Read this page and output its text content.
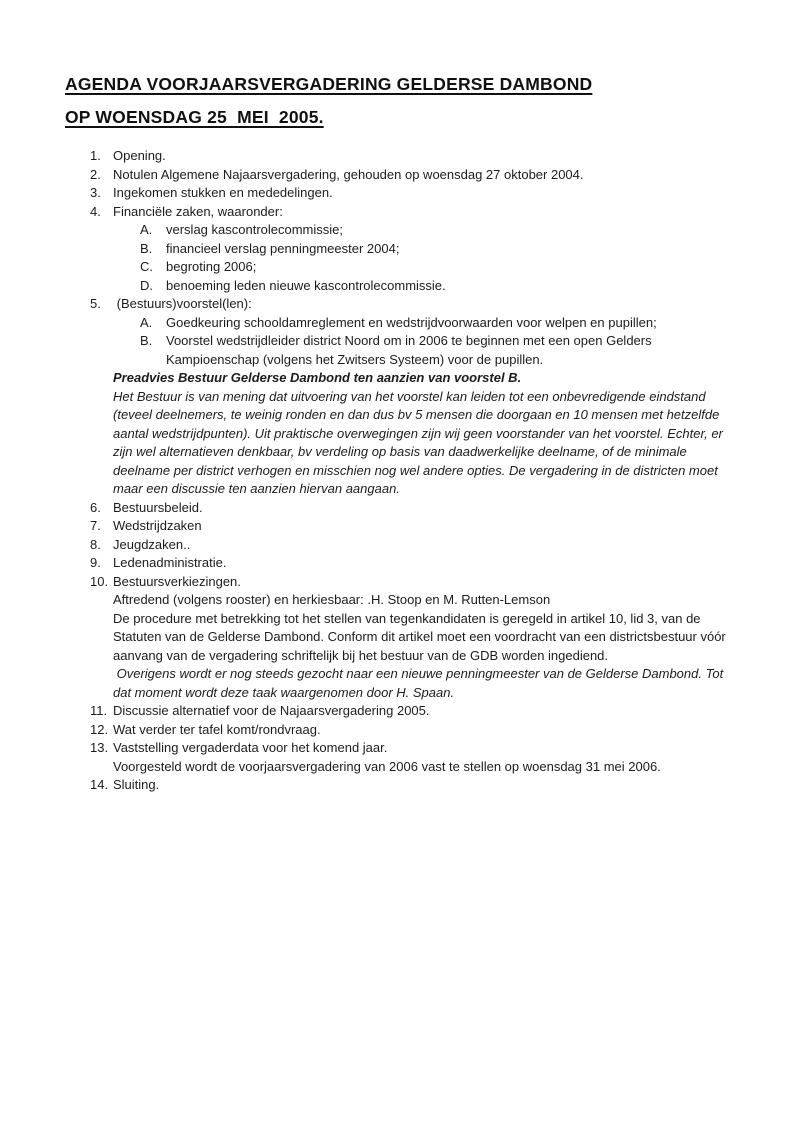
AGENDA VOORJAARSVERGADERING GELDERSE DAMBOND
OP WOENSDAG 25  MEI  2005.
1. Opening.
2. Notulen Algemene Najaarsvergadering, gehouden op woensdag 27 oktober 2004.
3. Ingekomen stukken en mededelingen.
4. Financiële zaken, waaronder:
A.	verslag kascontrolecommissie;
B.	financieel verslag penningmeester 2004;
C.	begroting 2006;
D.	benoeming leden nieuwe kascontrolecommissie.
5. (Bestuurs)voorstel(len):
A.	Goedkeuring schooldamreglement en wedstrijdvoorwaarden voor welpen en pupillen;
B.	Voorstel wedstrijdleider district Noord om in 2006 te beginnen met een open Gelders Kampioenschap (volgens het Zwitsers Systeem) voor de pupillen.

Preadvies Bestuur Gelderse Dambond ten aanzien van voorstel B.

Het Bestuur is van mening dat uitvoering van het voorstel kan leiden tot een onbevredigende eindstand (teveel deelnemers, te weinig ronden en dan dus bv 5 mensen die doorgaan en 10 mensen met hetzelfde aantal wedstrijdpunten). Uit praktische overwegingen zijn wij geen voorstander van het voorstel. Echter, er zijn wel alternatieven denkbaar, bv verdeling op basis van daadwerkelijke deelname, of de minimale deelname per district verhogen en misschien nog wel andere opties. De vergadering in de districten moet maar een discussie ten aanzien hiervan aangaan.

6. Bestuursbeleid.
7. Wedstrijdzaken
8. Jeugdzaken..
9. Ledenadministratie.
10. Bestuursverkiezingen.

Aftredend (volgens rooster) en herkiesbaar: .H. Stoop en M. Rutten-Lemson

De procedure met betrekking tot het stellen van tegenkandidaten is geregeld in artikel 10, lid 3, van de Statuten van de Gelderse Dambond. Conform dit artikel moet een voordracht van een districtsbestuur vóór aanvang van de vergadering schriftelijk bij het bestuur van de GDB worden ingediend.

Overigens wordt er nog steeds gezocht naar een nieuwe penningmeester van de Gelderse Dambond. Tot dat moment wordt deze taak waargenomen door H. Spaan.

11. Discussie alternatief voor de Najaarsvergadering 2005.
12. Wat verder ter tafel komt/rondvraag.
13. Vaststelling vergaderdata voor het komend jaar.

Voorgesteld wordt de voorjaarsvergadering van 2006 vast te stellen op woensdag 31 mei 2006.

14. Sluiting.
